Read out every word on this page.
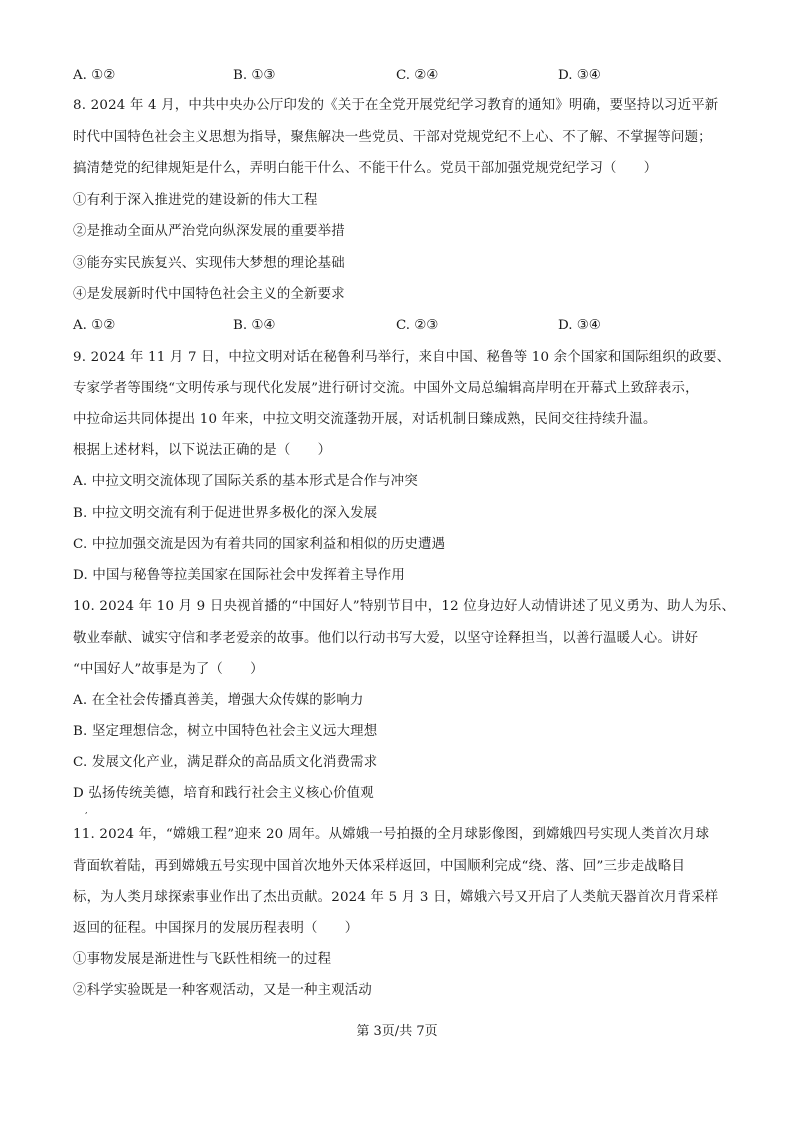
A. ①②	B. ①③	C. ②④	D. ③④
8. 2024 年 4 月，中共中央办公厅印发的《关于在全党开展党纪学习教育的通知》明确，要坚持以习近平新
时代中国特色社会主义思想为指导，聚焦解决一些党员、干部对党规党纪不上心、不了解、不掌握等问题；
搞清楚党的纪律规矩是什么，弄明白能干什么、不能干什么。党员干部加强党规党纪学习（　　）
①有利于深入推进党的建设新的伟大工程
②是推动全面从严治党向纵深发展的重要举措
③能夯实民族复兴、实现伟大梦想的理论基础
④是发展新时代中国特色社会主义的全新要求
A. ①②	B. ①④	C. ②③	D. ③④
9. 2024 年 11 月 7 日，中拉文明对话在秘鲁利马举行，来自中国、秘鲁等 10 余个国家和国际组织的政要、
专家学者等围绕“文明传承与现代化发展”进行研讨交流。中国外文局总编辑高岸明在开幕式上致辞表示，
中拉命运共同体提出 10 年来，中拉文明交流蓬勃开展，对话机制日臻成熟，民间交往持续升温。
根据上述材料，以下说法正确的是（　　）
A. 中拉文明交流体现了国际关系的基本形式是合作与冲突
B. 中拉文明交流有利于促进世界多极化的深入发展
C. 中拉加强交流是因为有着共同的国家利益和相似的历史遭遇
D. 中国与秘鲁等拉美国家在国际社会中发挥着主导作用
10. 2024 年 10 月 9 日央视首播的“中国好人”特别节目中，12 位身边好人动情讲述了见义勇为、助人为乐、
敬业奉献、诚实守信和孝老爱亲的故事。他们以行动书写大爱，以坚守诠释担当，以善行温暖人心。讲好
“中国好人”故事是为了（　　）
A. 在全社会传播真善美，增强大众传媒的影响力
B. 坚定理想信念，树立中国特色社会主义远大理想
C. 发展文化产业，满足群众的高品质文化消费需求
D 弘扬传统美德，培育和践行社会主义核心价值观
,
11. 2024 年，“嫦娥工程”迎来 20 周年。从嫦娥一号拍摄的全月球影像图，到嫦娥四号实现人类首次月球
背面软着陆，再到嫦娥五号实现中国首次地外天体采样返回，中国顺利完成“绕、落、回”三步走战略目
标，为人类月球探索事业作出了杰出贡献。2024 年 5 月 3 日，嫦娥六号又开启了人类航天器首次月背采样
返回的征程。中国探月的发展历程表明（　　）
①事物发展是渐进性与飞跃性相统一的过程
②科学实验既是一种客观活动，又是一种主观活动
第 3页/共 7页
